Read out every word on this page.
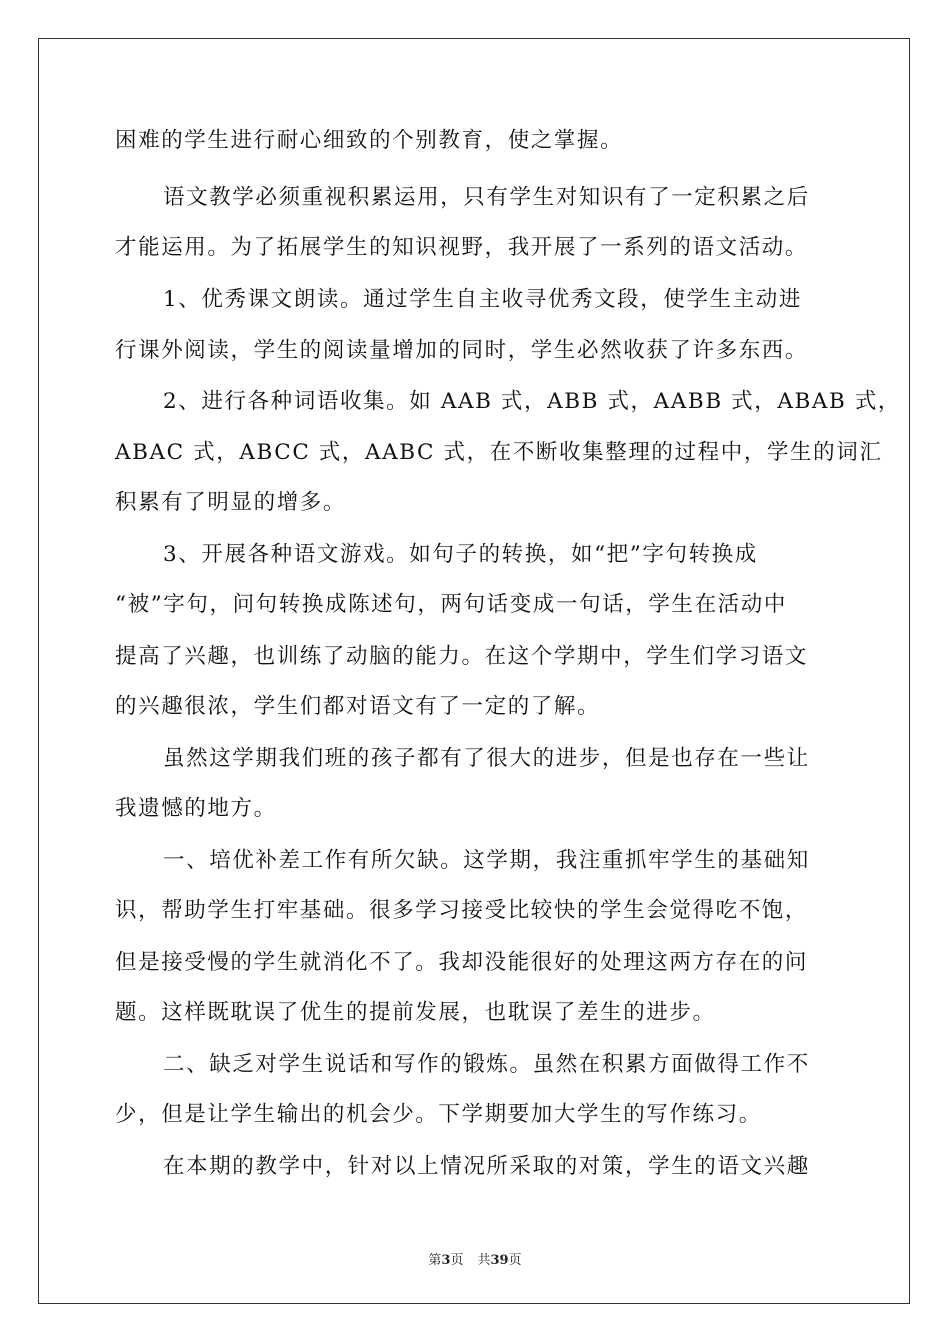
困难的学生进行耐心细致的个别教育，使之掌握。
语文教学必须重视积累运用，只有学生对知识有了一定积累之后
才能运用。为了拓展学生的知识视野，我开展了一系列的语文活动。
1、优秀课文朗读。通过学生自主收寻优秀文段，使学生主动进
行课外阅读，学生的阅读量增加的同时，学生必然收获了许多东西。
2、进行各种词语收集。如 AAB 式，ABB 式，AABB 式，ABAB 式，
ABAC 式，ABCC 式，AABC 式，在不断收集整理的过程中，学生的词汇
积累有了明显的增多。
3、开展各种语文游戏。如句子的转换，如“把”字句转换成
“被”字句，问句转换成陈述句，两句话变成一句话，学生在活动中
提高了兴趣，也训练了动脑的能力。在这个学期中，学生们学习语文
的兴趣很浓，学生们都对语文有了一定的了解。
虽然这学期我们班的孩子都有了很大的进步，但是也存在一些让
我遗憾的地方。
一、培优补差工作有所欠缺。这学期，我注重抓牢学生的基础知
识，帮助学生打牢基础。很多学习接受比较快的学生会觉得吃不饱，
但是接受慢的学生就消化不了。我却没能很好的处理这两方存在的问
题。这样既耽误了优生的提前发展，也耽误了差生的进步。
二、缺乏对学生说话和写作的锻炼。虽然在积累方面做得工作不
少，但是让学生输出的机会少。下学期要加大学生的写作练习。
在本期的教学中，针对以上情况所采取的对策，学生的语文兴趣
第3页 共39页
